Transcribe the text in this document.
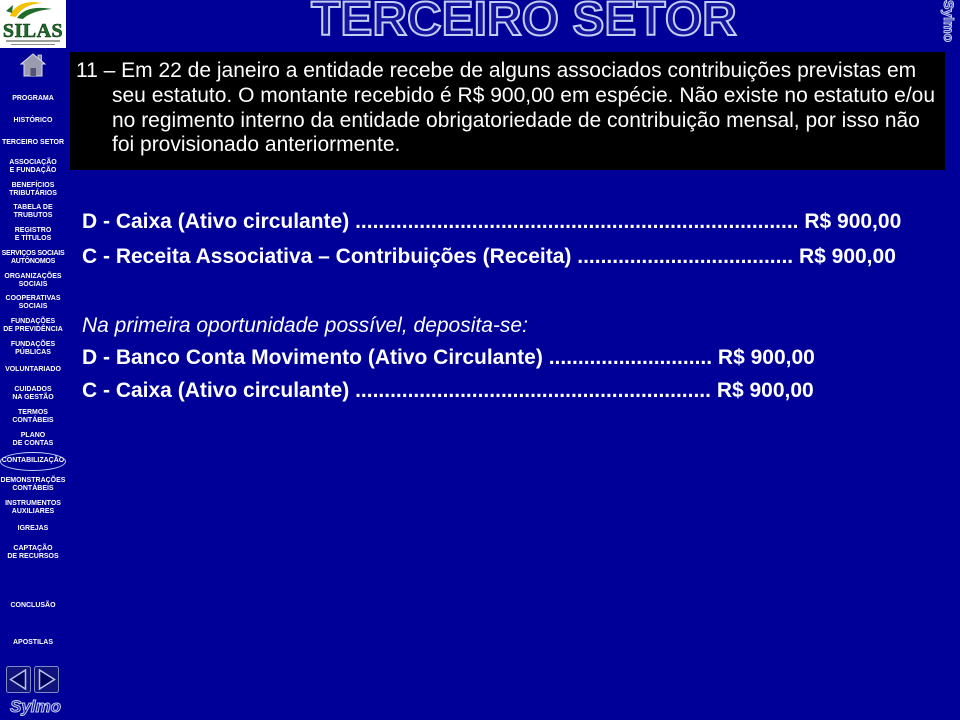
SILAS	TERCEIRO SETOR	Sylmo
PROGRAMA
HISTÓRICO
TERCEIRO SETOR
ASSOCIAÇÃO
E FUNDAÇÃO
BENEFÍCIOS
TRIBUTÁRIOS
TABELA DE
TRUBUTOS
REGISTRO
E TÍTULOS
SERVIÇOS SOCIAIS
AUTÔNOMOS
ORGANIZAÇÕES
SOCIAIS
COOPERATIVAS
SOCIAIS
FUNDAÇÕES
DE PREVIDÊNCIA
FUNDAÇÕES
PÚBLICAS
VOLUNTARIADO
CUIDADOS
NA GESTÃO
TERMOS
CONTÁBEIS
PLANO
DE CONTAS
CONTABILIZAÇÃO
DEMONSTRAÇÕES
CONTÁBEIS
INSTRUMENTOS
AUXILIARES
IGREJAS
CAPTAÇÃO
DE RECURSOS
CONCLUSÃO
APOSTILAS
Sylmo
11 – Em 22 de janeiro a entidade recebe de alguns associados contribuições previstas em
seu estatuto. O montante recebido é R$ 900,00 em espécie. Não existe no estatuto e/ou
no regimento interno da entidade obrigatoriedade de contribuição mensal, por isso não
foi provisionado anteriormente.
D - Caixa (Ativo circulante) ............................................................................ R$ 900,00
C - Receita Associativa – Contribuições (Receita) ..................................... R$ 900,00
Na primeira oportunidade possível, deposita-se:
D - Banco Conta Movimento (Ativo Circulante) ............................ R$ 900,00
C - Caixa (Ativo circulante) ............................................................. R$ 900,00
